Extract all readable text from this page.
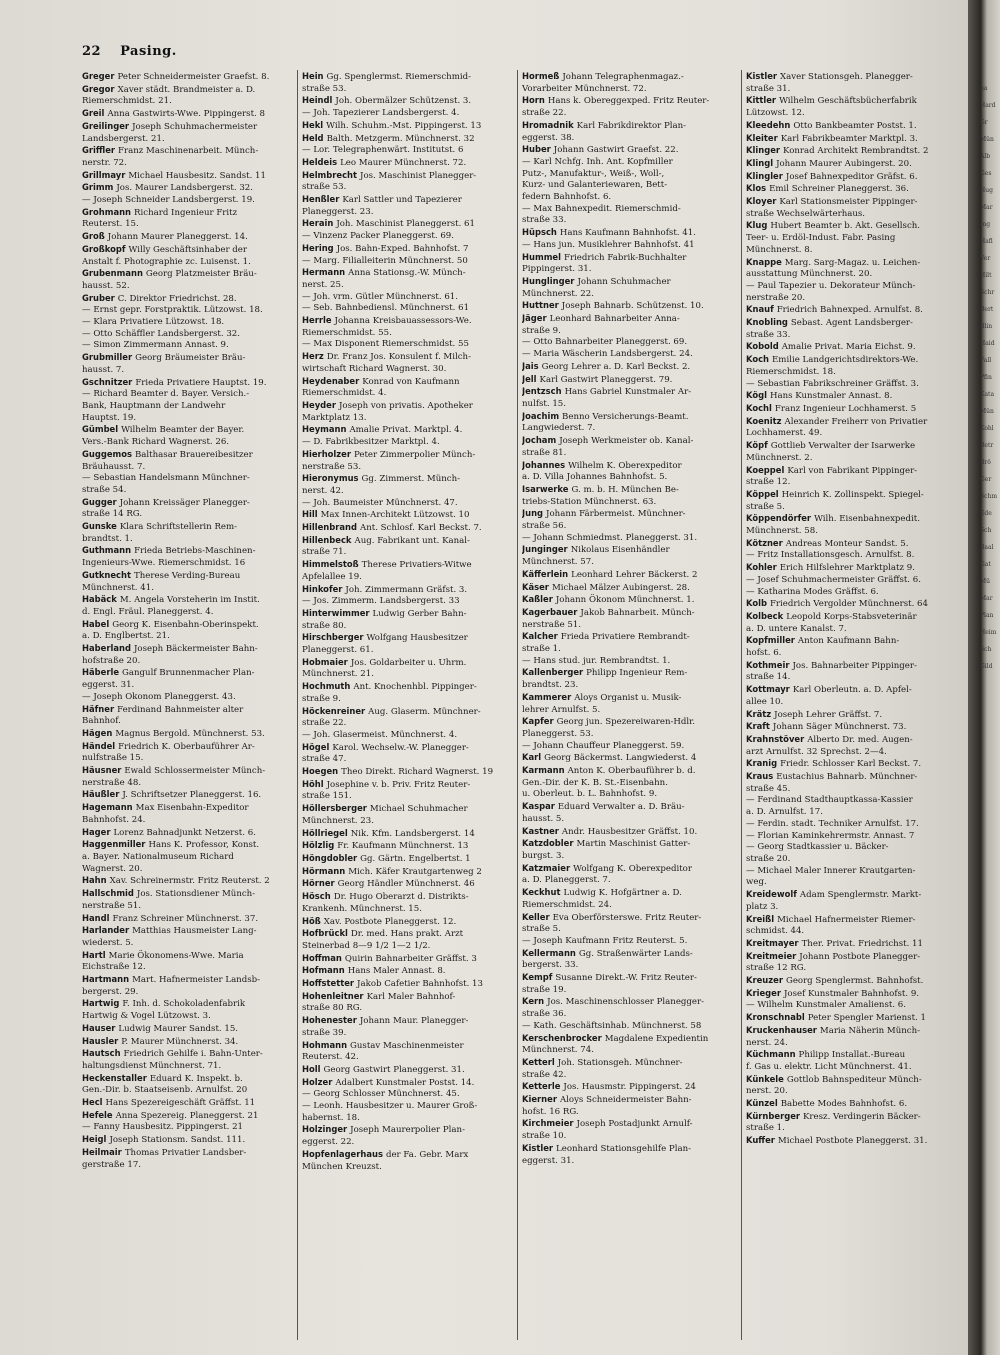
22 Pasing.
Greger Peter Schneidermeister Graefst. 8.
Gregor Xaver städt. Brandmeister a. D.
Riemerschmidst. 21.
Greil Anna Gastwirts-Wwe. Pippingerst. 8
Greilinger Joseph Schuhmachermeister
Landsbergerst. 21.
Griffler Franz Maschinenarbeit. Münch-
nerstr. 72.
Grillmayr Michael Hausbesitz. Sandst. 11
Grimm Jos. Maurer Landsbergerst. 32.
— Joseph Schneider Landsbergerst. 19.
Grohmann Richard Ingenieur Fritz
Reuterst. 15.
Groß Johann Maurer Planeggerst. 14.
Großkopf Willy Geschäftsinhaber der
Anstalt f. Photographie zc. Luisenst. 1.
Grubenmann Georg Platzmeister Bräu-
hausst. 52.
Gruber C. Direktor Friedrichst. 28.
— Ernst gepr. Forstpraktik. Lützowst. 18.
— Klara Privatiere Lützowst. 18.
— Otto Schäffler Landsbergerst. 32.
— Simon Zimmermann Annast. 9.
Grubmiller Georg Bräumeister Bräu-
hausst. 7.
Gschnitzer Frieda Privatiere Hauptst. 19.
— Richard Beamter d. Bayer. Versich.-
Bank, Hauptmann der Landwehr
Hauptst. 19.
Gümbel Wilhelm Beamter der Bayer.
Vers.-Bank Richard Wagnerst. 26.
Guggemos Balthasar Brauereibesitzer
Bräuhausst. 7.
— Sebastian Handelsmann Münchner-
straße 54.
Gugger Johann Kreissäger Planegger-
straße 14 RG.
Gunske Klara Schriftstellerin Rem-
brandtst. 1.
Guthmann Frieda Betriebs-Maschinen-
Ingenieurs-Wwe. Riemerschmidst. 16
Gutknecht Therese Verding-Bureau
Münchnerst. 41.
Habäck M. Angela Vorsteherin im Instit.
d. Engl. Fräul. Planeggerst. 4.
Habel Georg K. Eisenbahn-Oberinspekt.
a. D. Englbertst. 21.
Haberland Joseph Bäckermeister Bahn-
hofstraße 20.
Häberle Gangulf Brunnenmacher Plan-
eggerst. 31.
— Joseph Ökonom Planeggerst. 43.
Häfner Ferdinand Bahnmeister alter
Bahnhof.
Hägen Magnus Bergold. Münchnerst. 53.
Händel Friedrich K. Oberbauführer Ar-
nulfstraße 15.
Häusner Ewald Schlossermeister Münch-
nerstraße 48.
Häußler J. Schriftsetzer Planeggerst. 16.
Hagemann Max Eisenbahn-Expeditor
Bahnhofst. 24.
Hager Lorenz Bahnadjunkt Netzerst. 6.
Haggenmiller Hans K. Professor, Konst.
a. Bayer. Nationalmuseum Richard
Wagnerst. 20.
Hahn Xav. Schreinermstr. Fritz Reuterst. 2
Hallschmid Jos. Stationsdiener Münch-
nerstraße 51.
Handl Franz Schreiner Münchnerst. 37.
Harlander Matthias Hausmeister Lang-
wiederst. 5.
Hartl Marie Ökonomens-Wwe. Maria
Eichstraße 12.
Hartmann Mart. Hafnermeister Landsb-
bergerst. 29.
Hartwig F. Inh. d. Schokoladenfabrik
Hartwig & Vogel Lützowst. 3.
Hauser Ludwig Maurer Sandst. 15.
Hausler P. Maurer Münchnerst. 34.
Hautsch Friedrich Gehilfe i. Bahn-Unter-
haltungsdienst Münchnerst. 71.
Heckenstaller Eduard K. Inspekt. b.
Gen.-Dir. b. Staatseisenb. Arnulfst. 20
Hecl Hans Spezereigeschäft Gräffst. 11
Hefele Anna Spezereig. Planeggerst. 21
— Fanny Hausbesitz. Pippingerst. 21
Heigl Joseph Stationsm. Sandst. 111.
Heilmair Thomas Privatier Landsber-
gerstraße 17.
Hein Gg. Spenglermst. Riemerschmid-
straße 53.
Heindl Joh. Obermälzer Schützenst. 3.
— Joh. Tapezierer Landsbergerst. 4.
Hekl Wilh. Schuhm.-Mst. Pippingerst. 13
Held Balth. Metzgerm. Münchnerst. 32
— Lor. Telegraphenwärt. Institutst. 6
Heldeis Leo Maurer Münchnerst. 72.
Helmbrecht Jos. Maschinist Planegger-
straße 53.
Henßler Karl Sattler und Tapezierer
Planeggerst. 23.
Herain Joh. Maschinist Planeggerst. 61
— Vinzenz Packer Planeggerst. 69.
Hering Jos. Bahn-Exped. Bahnhofst. 7
— Marg. Filialleiterin Münchnerst. 50
Hermann Anna Stationsg.-W. Münch-
nerst. 25.
— Joh. vrm. Gütler Münchnerst. 61.
— Seb. Bahnbediensl. Münchnerst. 61
Herrle Johanna Kreisbauassessors-We.
Riemerschmidst. 55.
— Max Disponent Riemerschmidst. 55
Herz Dr. Franz Jos. Konsulent f. Milch-
wirtschaft Richard Wagnerst. 30.
Heydenaber Konrad von Kaufmann
Riemerschmidst. 4.
Heyder Joseph von privatis. Apotheker
Marktplatz 13.
Heymann Amalie Privat. Marktpl. 4.
— D. Fabrikbesitzer Marktpl. 4.
Hierholzer Peter Zimmerpolier Münch-
nerstraße 53.
Hieronymus Gg. Zimmerst. Münch-
nerst. 42.
— Joh. Baumeister Münchnerst. 47.
Hill Max Innen-Architekt Lützowst. 10
Hillenbrand Ant. Schlosf. Karl Beckst. 7.
Hillenbeck Aug. Fabrikant unt. Kanal-
straße 71.
Himmelstoß Therese Privatiers-Witwe
Apfelallee 19.
Hinkofer Joh. Zimmermann Gräfst. 3.
— Jos. Zimmerm. Landsbergerst. 33
Hinterwimmer Ludwig Gerber Bahn-
straße 80.
Hirschberger Wolfgang Hausbesitzer
Planeggerst. 61.
Hobmaier Jos. Goldarbeiter u. Uhrm.
Münchnerst. 21.
Hochmuth Ant. Knochenhbl. Pippinger-
straße 9.
Höckenreiner Aug. Glaserm. Münchner-
straße 22.
— Joh. Glasermeist. Münchnerst. 4.
Högel Karol. Wechselw.-W. Planegger-
straße 47.
Hoegen Theo Direkt. Richard Wagnerst. 19
Höhl Josephine v. b. Priv. Fritz Reuter-
straße 151.
Höllersberger Michael Schuhmacher
Münchnerst. 23.
Höllriegel Nik. Kfm. Landsbergerst. 14
Hölzlig Fr. Kaufmann Münchnerst. 13
Höngdobler Gg. Gärtn. Engelbertst. 1
Hörmann Mich. Käfer Krautgartenweg 2
Hörner Georg Händler Münchnerst. 46
Hösch Dr. Hugo Oberarzt d. Distrikts-
Krankenh. Münchnerst. 15.
Höß Xav. Postbote Planeggerst. 12.
Hofbrückl Dr. med. Hans prakt. Arzt
Steinerbad 8—9 1/2 1—2 1/2.
Hoffman Quirin Bahnarbeiter Gräffst. 3
Hofmann Hans Maler Annast. 8.
Hoffstetter Jakob Cafetier Bahnhofst. 13
Hohenleitner Karl Maler Bahnhof-
straße 80 RG.
Hohenester Johann Maur. Planegger-
straße 39.
Hohmann Gustav Maschinenmeister
Reuterst. 42.
Holl Georg Gastwirt Planeggerst. 31.
Holzer Adalbert Kunstmaler Postst. 14.
— Georg Schlosser Münchnerst. 45.
— Leonh. Hausbesitzer u. Maurer Groß-
habernst. 18.
Holzinger Joseph Maurerpolier Plan-
eggerst. 22.
Hopfenlagerhaus der Fa. Gebr. Marx
München Kreuzst.
Hormeß Johann Telegraphenmagaz.-
Vorarbeiter Münchnerst. 72.
Horn Hans k. Obereggexped. Fritz Reuter-
straße 22.
Hromadnik Karl Fabrikdirektor Plan-
eggerst. 38.
Huber Johann Gastwirt Graefst. 22.
— Karl Nchfg. Inh. Ant. Kopfmiller
Putz-, Manufaktur-, Weiß-, Woll-,
Kurz- und Galanteriewaren, Bett-
federn Bahnhofst. 6.
— Max Bahnexpedit. Riemerschmid-
straße 33.
Hüpsch Hans Kaufmann Bahnhofst. 41.
— Hans jun. Musiklehrer Bahnhofst. 41
Hummel Friedrich Fabrik-Buchhalter
Pippingerst. 31.
Hunglinger Johann Schuhmacher
Münchnerst. 22.
Huttner Joseph Bahnarb. Schützenst. 10.
Jäger Leonhard Bahnarbeiter Anna-
straße 9.
— Otto Bahnarbeiter Planeggerst. 69.
— Maria Wäscherin Landsbergerst. 24.
Jais Georg Lehrer a. D. Karl Beckst. 2.
Jell Karl Gastwirt Planeggerst. 79.
Jentzsch Hans Gabriel Kunstmaler Ar-
nulfst. 15.
Joachim Benno Versicherungs-Beamt.
Langwiederst. 7.
Jocham Joseph Werkmeister ob. Kanal-
straße 81.
Johannes Wilhelm K. Oberexpeditor
a. D. Villa Johannes Bahnhofst. 5.
Isarwerke G. m. b. H. München Be-
triebs-Station Münchnerst. 63.
Jung Johann Färbermeist. Münchner-
straße 56.
— Johann Schmiedmst. Planeggerst. 31.
Junginger Nikolaus Eisenhändler
Münchnerst. 57.
Käfferlein Leonhard Lehrer Bäckerst. 2
Käser Michael Mälzer Aubingerst. 28.
Kaßler Johann Ökonom Münchnerst. 1.
Kagerbauer Jakob Bahnarbeit. Münch-
nerstraße 51.
Kalcher Frieda Privatiere Rembrandt-
straße 1.
— Hans stud. jur. Rembrandtst. 1.
Kallenberger Philipp Ingenieur Rem-
brandtst. 23.
Kammerer Aloys Organist u. Musik-
lehrer Arnulfst. 5.
Kapfer Georg jun. Spezereiwaren-Hdlr.
Planeggerst. 53.
— Johann Chauffeur Planeggerst. 59.
Karl Georg Bäckermst. Langwiederst. 4
Karmann Anton K. Oberbauführer b. d.
Gen.-Dir. der K. B. St.-Eisenbahn.
u. Oberleut. b. L. Bahnhofst. 9.
Kaspar Eduard Verwalter a. D. Bräu-
hausst. 5.
Kastner Andr. Hausbesitzer Gräffst. 10.
Katzdobler Martin Maschinist Gatter-
burgst. 3.
Katzmaier Wolfgang K. Oberexpeditor
a. D. Planeggerst. 7.
Keckhut Ludwig K. Hofgärtner a. D.
Riemerschmidst. 24.
Keller Eva Oberförsterswe. Fritz Reuter-
straße 5.
— Joseph Kaufmann Fritz Reuterst. 5.
Kellermann Gg. Straßenwärter Lands-
bergerst. 33.
Kempf Susanne Direkt.-W. Fritz Reuter-
straße 19.
Kern Jos. Maschinenschlosser Planegger-
straße 36.
— Kath. Geschäftsinhab. Münchnerst. 58
Kerschenbrocker Magdalene Expedientin
Münchnerst. 74.
Ketterl Joh. Stationsgeh. Münchner-
straße 42.
Ketterle Jos. Hausmstr. Pippingerst. 24
Kierner Aloys Schneidermeister Bahn-
hofst. 16 RG.
Kirchmeier Joseph Postadjunkt Arnulf-
straße 10.
Kistler Leonhard Stationsgehilfe Plan-
eggerst. 31.
Kistler Xaver Stationsgeh. Planegger-
straße 31.
Kittler Wilhelm Geschäftsbücherfabrik
Lützowst. 12.
Kleedehn Otto Bankbeamter Postst. 1.
Kleiter Karl Fabrikbeamter Marktpl. 3.
Klinger Konrad Architekt Rembrandtst. 2
Klingl Johann Maurer Aubingerst. 20.
Klingler Josef Bahnexpeditor Gräfst. 6.
Klos Emil Schreiner Planeggerst. 36.
Kloyer Karl Stationsmeister Pippinger-
straße Wechselwärterhaus.
Klug Hubert Beamter b. Akt. Gesellsch.
Teer- u. Erdöl-Indust. Fabr. Pasing
Münchnerst. 8.
Knappe Marg. Sarg-Magaz. u. Leichen-
ausstattung Münchnerst. 20.
— Paul Tapezier u. Dekorateur Münch-
nerstraße 20.
Knauf Friedrich Bahnexped. Arnulfst. 8.
Knobling Sebast. Agent Landsberger-
straße 33.
Kobold Amalie Privat. Maria Eichst. 9.
Koch Emilie Landgerichtsdirektors-We.
Riemerschmidst. 18.
— Sebastian Fabrikschreiner Gräffst. 3.
Kögl Hans Kunstmaler Annast. 8.
Kochl Franz Ingenieur Lochhamerst. 5
Koenitz Alexander Freiherr von Privatier
Lochhamerst. 49.
Köpf Gottlieb Verwalter der Isarwerke
Münchnerst. 2.
Koeppel Karl von Fabrikant Pippinger-
straße 12.
Köppel Heinrich K. Zollinspekt. Spiegel-
straße 5.
Köppendörfer Wilh. Eisenbahnexpedit.
Münchnerst. 58.
Kötzner Andreas Monteur Sandst. 5.
— Fritz Installationsgesch. Arnulfst. 8.
Kohler Erich Hilfslehrer Marktplatz 9.
— Josef Schuhmachermeister Gräffst. 6.
— Katharina Modes Gräffst. 6.
Kolb Friedrich Vergolder Münchnerst. 64
Kolbeck Leopold Korps-Stabsveterinär
a. D. untere Kanalst. 7.
Kopfmiller Anton Kaufmann Bahn-
hofst. 6.
Kothmeir Jos. Bahnarbeiter Pippinger-
straße 14.
Kottmayr Karl Oberleutn. a. D. Apfel-
allee 10.
Krätz Joseph Lehrer Gräffst. 7.
Kraft Johann Säger Münchnerst. 73.
Krahnstöver Alberto Dr. med. Augen-
arzt Arnulfst. 32 Sprechst. 2—4.
Kranig Friedr. Schlosser Karl Beckst. 7.
Kraus Eustachius Bahnarb. Münchner-
straße 45.
— Ferdinand Stadthauptkassa-Kassier
a. D. Arnulfst. 17.
— Ferdin. stadt. Techniker Arnulfst. 17.
— Florian Kaminkehrermstr. Annast. 7
— Georg Stadtkassier u. Bäcker-
straße 20.
— Michael Maler Innerer Krautgarten-
weg.
Kreidewolf Adam Spenglermstr. Markt-
platz 3.
Kreißl Michael Hafnermeister Riemer-
schmidst. 44.
Kreitmayer Ther. Privat. Friedrichst. 11
Kreitmeier Johann Postbote Planegger-
straße 12 RG.
Kreuzer Georg Spenglermst. Bahnhofst.
Krieger Josef Kunstmaler Bahnhofst. 9.
— Wilhelm Kunstmaler Amalienst. 6.
Kronschnabl Peter Spengler Marienst. 1
Kruckenhauser Maria Näherin Münch-
nerst. 24.
Küchmann Philipp Installat.-Bureau
f. Gas u. elektr. Licht Münchnerst. 41.
Künkele Gottlob Bahnspediteur Münch-
nerst. 20.
Künzel Babette Modes Bahnhofst. 6.
Kürnberger Kresz. Verdingerin Bäcker-
straße 1.
Kuffer Michael Postbote Planeggerst. 31.
ha
Hard
Gr
Mün
Alb
Ges
Hug
Mar
Ing
Hafl
Ver
Hilt
Schr
Bert
Blin
Haid
Fall
Pfin
Kata
Mün
Kohl
Betr
Brö
Ger
Schm
Ede
Sch
Baal
Gat
Mü
Mar
Plan
Heim
Sch
Gild
